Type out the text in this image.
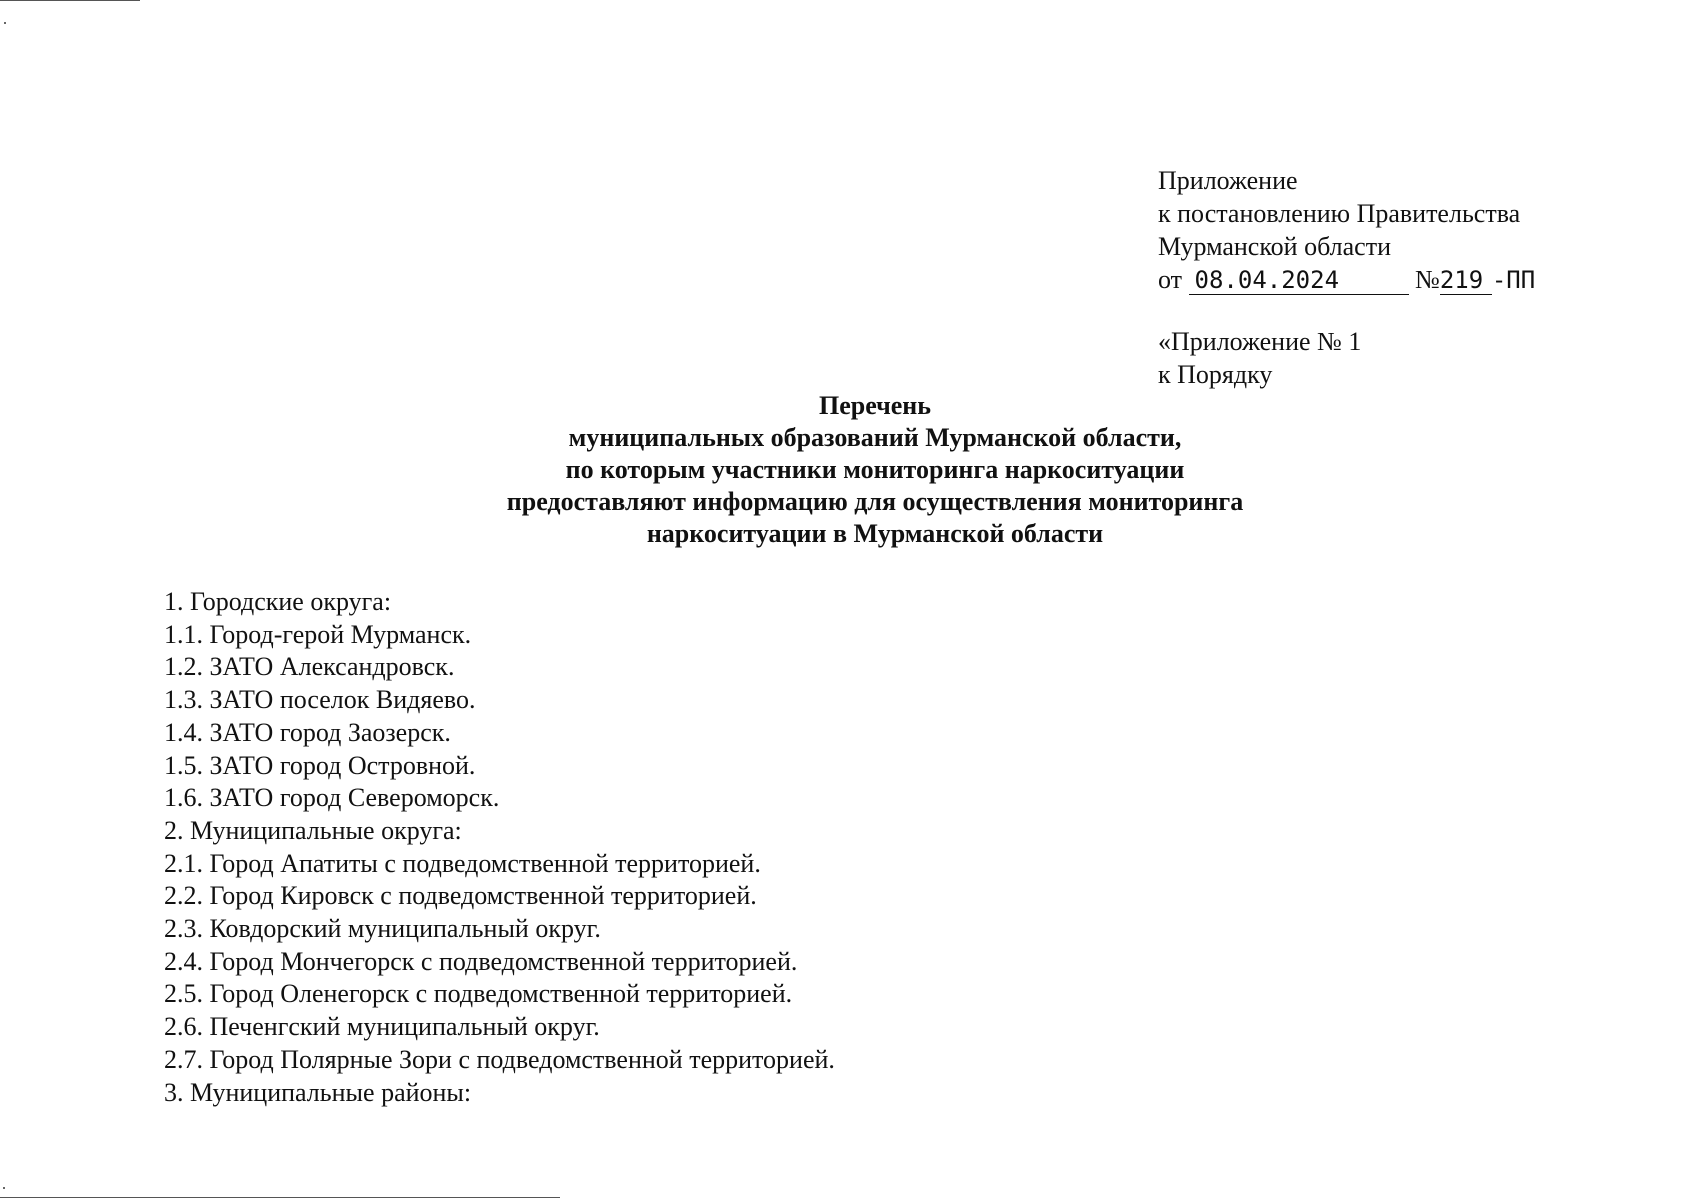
Приложение
к постановлению Правительства
Мурманской области
от 08.04.2024	№219 -ПП
«Приложение № 1
к Порядку
Перечень
муниципальных образований Мурманской области,
по которым участники мониторинга наркоситуации
предоставляют информацию для осуществления мониторинга
наркоситуации в Мурманской области
1. Городские округа:
1.1. Город-герой Мурманск.
1.2. ЗАТО Александровск.
1.3. ЗАТО поселок Видяево.
1.4. ЗАТО город Заозерск.
1.5. ЗАТО город Островной.
1.6. ЗАТО город Североморск.
2. Муниципальные округа:
2.1. Город Апатиты с подведомственной территорией.
2.2. Город Кировск с подведомственной территорией.
2.3. Ковдорский муниципальный округ.
2.4. Город Мончегорск с подведомственной территорией.
2.5. Город Оленегорск с подведомственной территорией.
2.6. Печенгский муниципальный округ.
2.7. Город Полярные Зори с подведомственной территорией.
3. Муниципальные районы:
